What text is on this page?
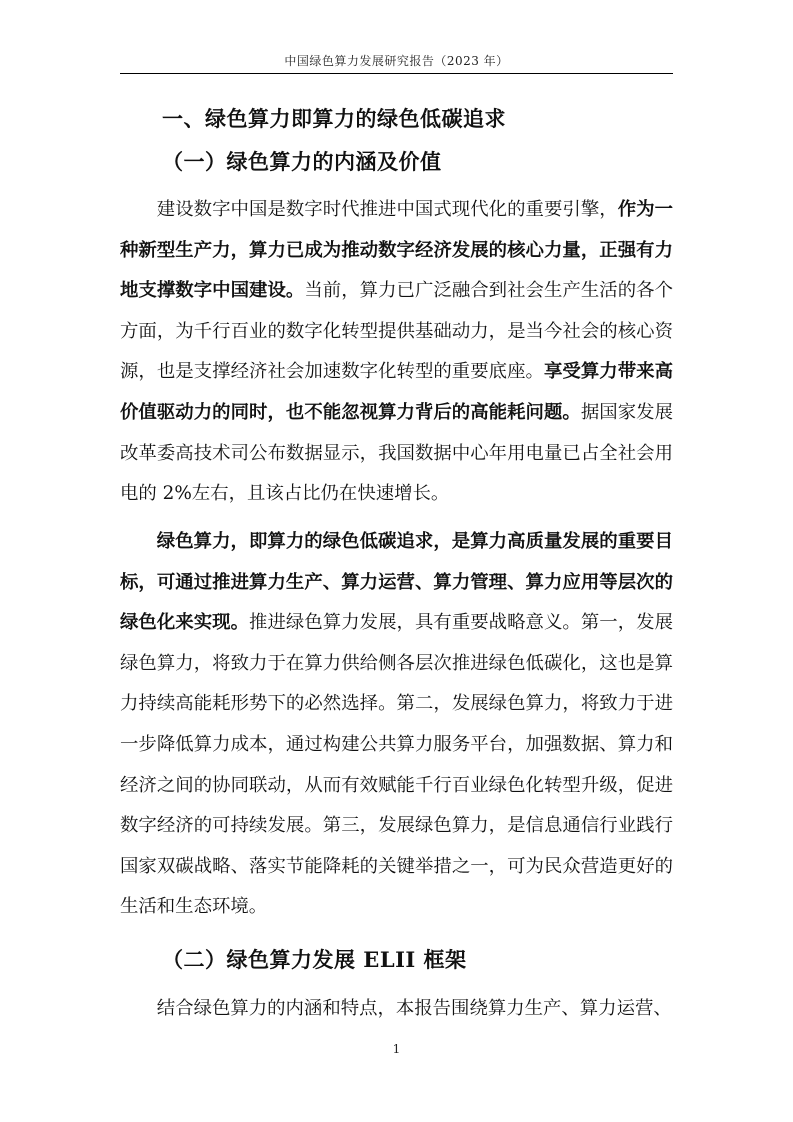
中国绿色算力发展研究报告（2023 年）
一、绿色算力即算力的绿色低碳追求
（一）绿色算力的内涵及价值

建设数字中国是数字时代推进中国式现代化的重要引擎，作为一种新型生产力，算力已成为推动数字经济发展的核心力量，正强有力地支撑数字中国建设。当前，算力已广泛融合到社会生产生活的各个方面，为千行百业的数字化转型提供基础动力，是当今社会的核心资源，也是支撑经济社会加速数字化转型的重要底座。享受算力带来高价值驱动力的同时，也不能忽视算力背后的高能耗问题。据国家发展改革委高技术司公布数据显示，我国数据中心年用电量已占全社会用电的 2%左右，且该占比仍在快速增长。

绿色算力，即算力的绿色低碳追求，是算力高质量发展的重要目标，可通过推进算力生产、算力运营、算力管理、算力应用等层次的绿色化来实现。推进绿色算力发展，具有重要战略意义。第一，发展绿色算力，将致力于在算力供给侧各层次推进绿色低碳化，这也是算力持续高能耗形势下的必然选择。第二，发展绿色算力，将致力于进一步降低算力成本，通过构建公共算力服务平台，加强数据、算力和经济之间的协同联动，从而有效赋能千行百业绿色化转型升级，促进数字经济的可持续发展。第三，发展绿色算力，是信息通信行业践行国家双碳战略、落实节能降耗的关键举措之一，可为民众营造更好的生活和生态环境。

（二）绿色算力发展 ELII 框架

结合绿色算力的内涵和特点，本报告围绕算力生产、算力运营、

1
